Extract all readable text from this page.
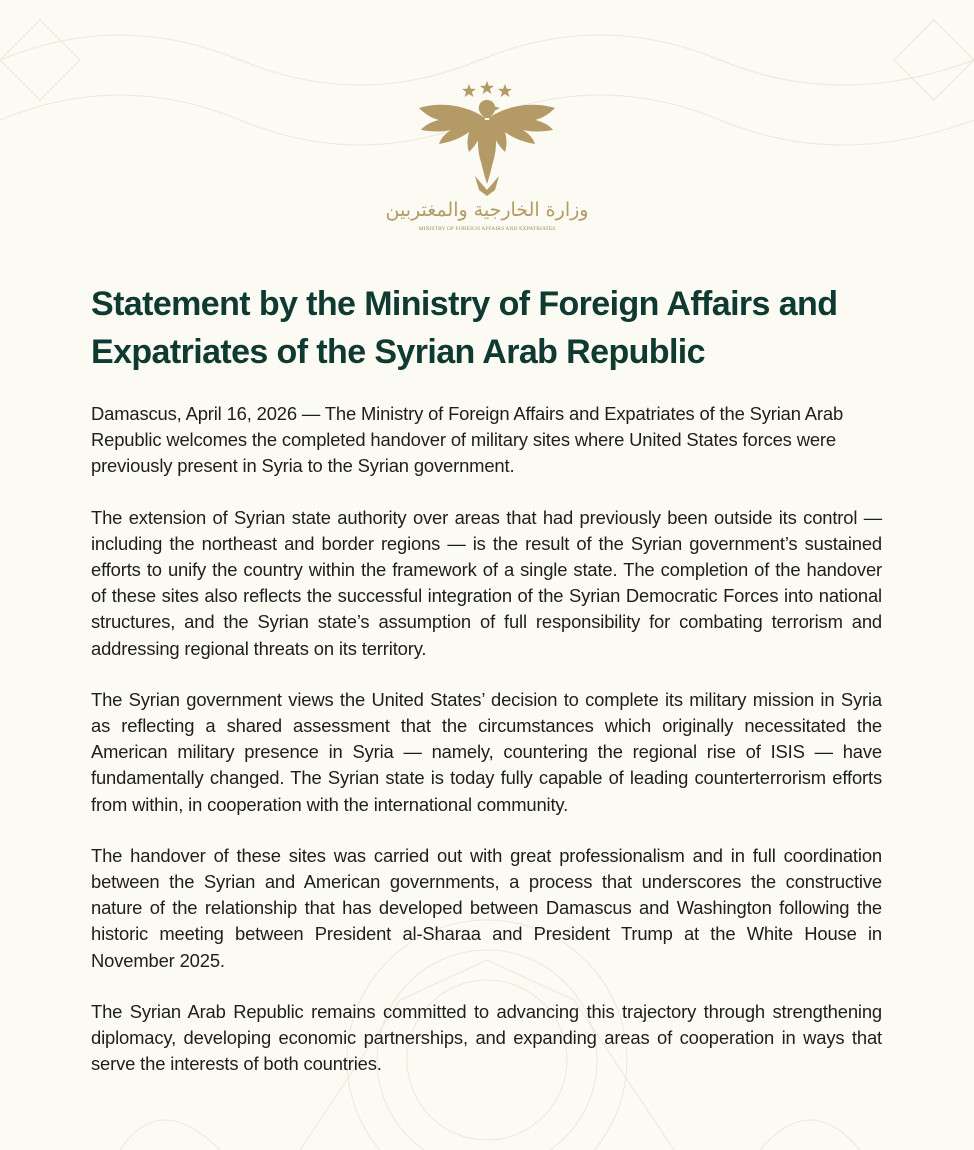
وزارة الخارجية والمغتربين
MINISTRY OF FOREIGN AFFAIRS AND EXPATRIATES
Statement by the Ministry of Foreign Affairs and
Expatriates of the Syrian Arab Republic

Damascus, April 16, 2026 — The Ministry of Foreign Affairs and Expatriates of the Syrian Arab Republic welcomes the completed handover of military sites where United States forces were previously present in Syria to the Syrian government.

The extension of Syrian state authority over areas that had previously been outside its control — including the northeast and border regions — is the result of the Syrian government’s sustained efforts to unify the country within the framework of a single state. The completion of the handover of these sites also reflects the successful integration of the Syrian Democratic Forces into national structures, and the Syrian state’s assumption of full responsibility for combating terrorism and addressing regional threats on its territory.

The Syrian government views the United States’ decision to complete its military mission in Syria as reflecting a shared assessment that the circumstances which originally necessitated the American military presence in Syria — namely, countering the regional rise of ISIS — have fundamentally changed. The Syrian state is today fully capable of leading counterterrorism efforts from within, in cooperation with the international community.

The handover of these sites was carried out with great professionalism and in full coordination between the Syrian and American governments, a process that underscores the constructive nature of the relationship that has developed between Damascus and Washington following the historic meeting between President al-Sharaa and President Trump at the White House in November 2025.

The Syrian Arab Republic remains committed to advancing this trajectory through strengthening diplomacy, developing economic partnerships, and expanding areas of cooperation in ways that serve the interests of both countries.
